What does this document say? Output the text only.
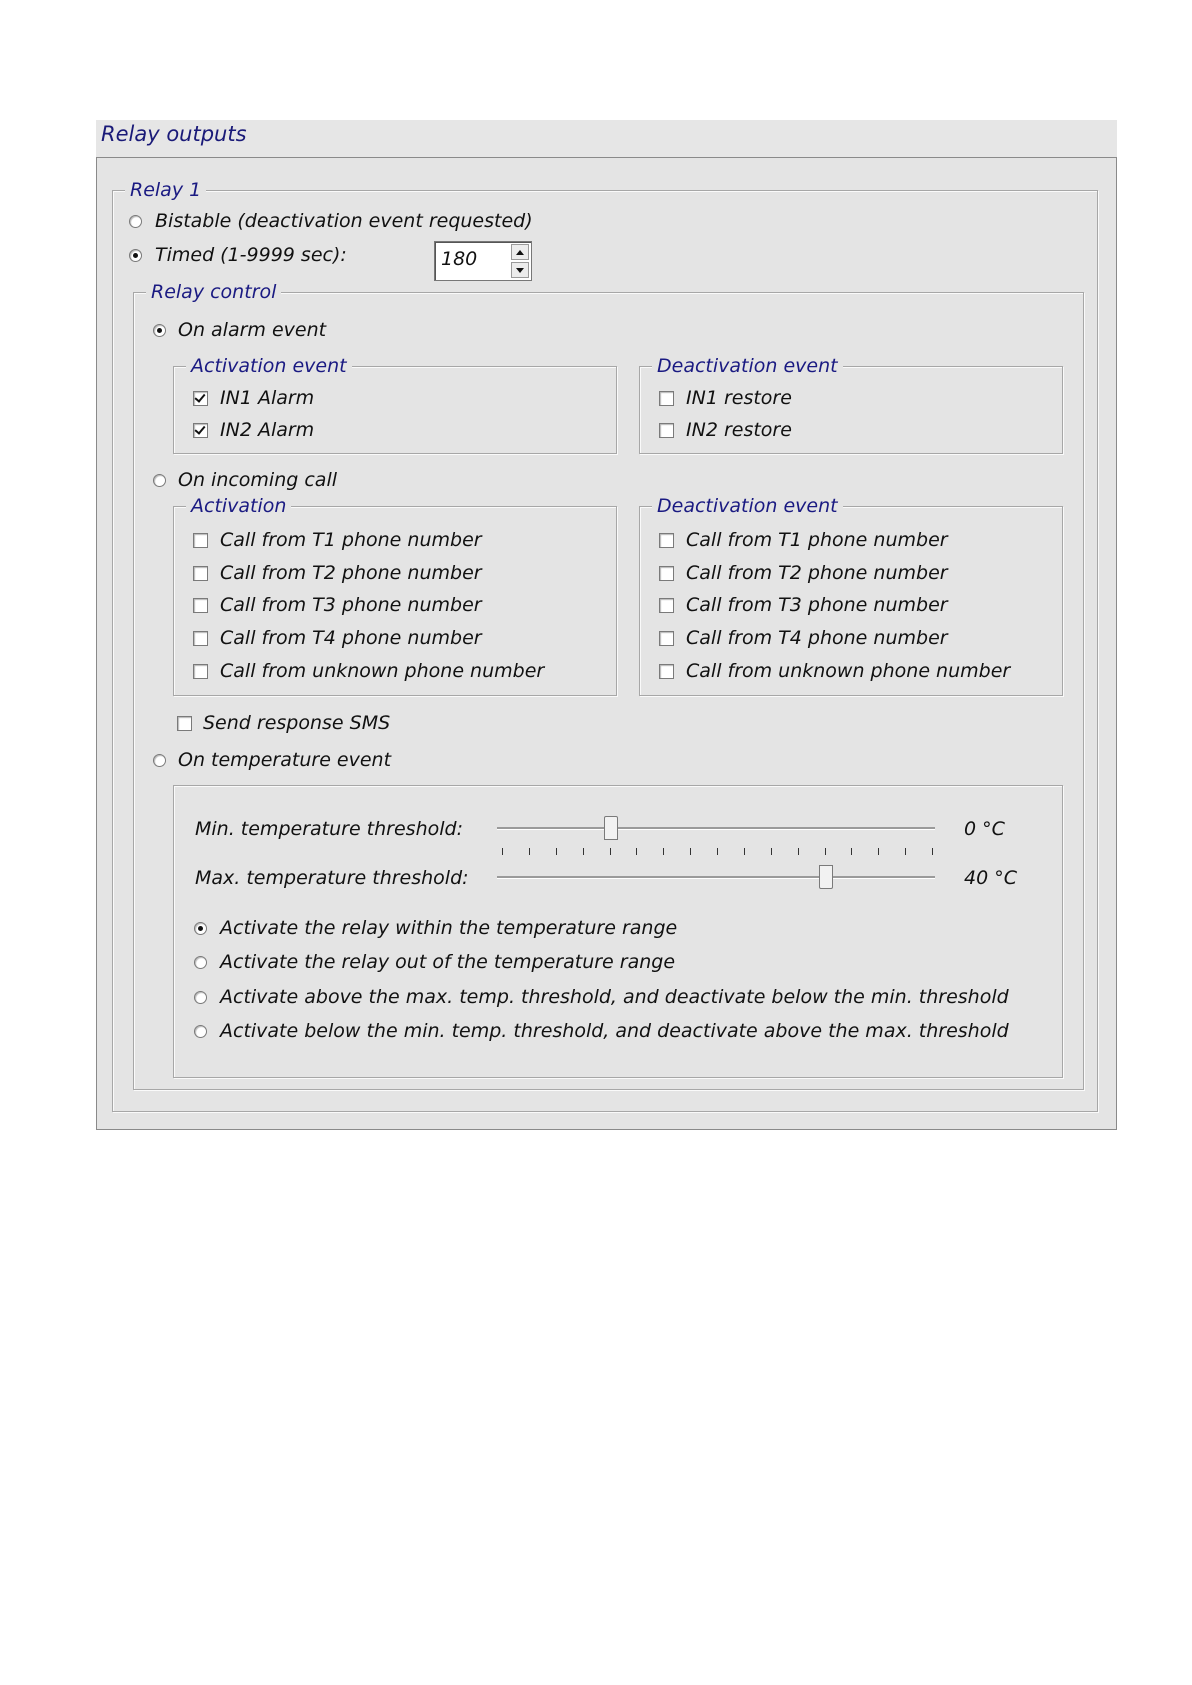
Relay outputs
Relay 1
Bistable (deactivation event requested)
Timed (1-9999 sec):	180
Relay control
On alarm event
Activation event
IN1 Alarm
IN2 Alarm
Deactivation event
IN1 restore
IN2 restore
On incoming call
Activation
Call from T1 phone number
Call from T2 phone number
Call from T3 phone number
Call from T4 phone number
Call from unknown phone number
Deactivation event
Call from T1 phone number
Call from T2 phone number
Call from T3 phone number
Call from T4 phone number
Call from unknown phone number
Send response SMS
On temperature event
Min. temperature threshold:	0 °C
Max. temperature threshold:	40 °C
Activate the relay within the temperature range
Activate the relay out of the temperature range
Activate above the max. temp. threshold, and deactivate below the min. threshold
Activate below the min. temp. threshold, and deactivate above the max. threshold
